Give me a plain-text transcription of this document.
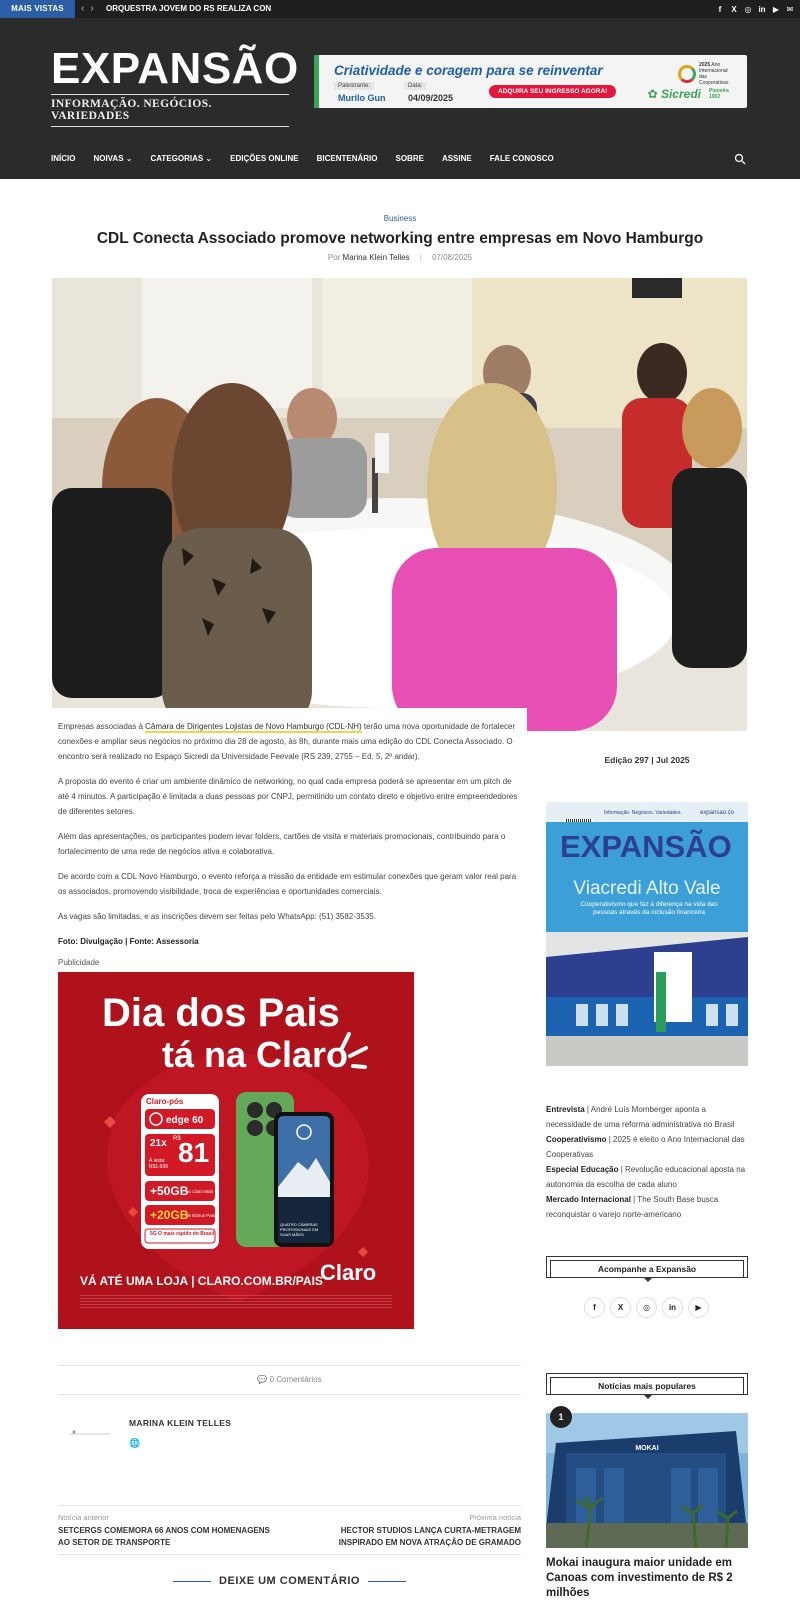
MAIS VISTAS	‹ ›	ORQUESTRA JOVEM DO RS REALIZA CON	f	X ◎ in ▶ ✉
EXPANSÃO
INFORMAÇÃO. NEGÓCIOS. VARIEDADES
Criatividade e coragem para se reinventar
Palestrante:
Murilo Gun
Data:
04/09/2025
ADQUIRA SEU INGRESSO AGORA!
2025 Ano Internacional das Cooperativas
✿ Sicredi Pioneira 1902
INÍCIO NOIVAS ⌄ CATEGORIAS ⌄ EDIÇÕES ONLINE BICENTENÁRIO SOBRE ASSINE FALE CONOSCO
Business
CDL Conecta Associado promove networking entre empresas em Novo Hamburgo
Por Marina Klein Telles | 07/08/2025

Empresas associadas à Câmara de Dirigentes Lojistas de Novo Hamburgo (CDL-NH) terão uma nova oportunidade de fortalecer conexões e ampliar seus negócios no próximo dia 28 de agosto, às 8h, durante mais uma edição do CDL Conecta Associado. O encontro será realizado no Espaço Sicredi da Universidade Feevale (RS 239, 2755 – Ed. 5, 2º andar).

A proposta do evento é criar um ambiente dinâmico de networking, no qual cada empresa poderá se apresentar em um pitch de até 4 minutos. A participação é limitada a duas pessoas por CNPJ, permitindo um contato direto e objetivo entre empreendedores de diferentes setores.

Além das apresentações, os participantes podem levar folders, cartões de visita e materiais promocionais, contribuindo para o fortalecimento de uma rede de negócios ativa e colaborativa.

De acordo com a CDL Novo Hamburgo, o evento reforça a missão da entidade em estimular conexões que geram valor real para os associados, promovendo visibilidade, troca de experiências e oportunidades comerciais.

As vagas são limitadas, e as inscrições devem ser feitas pelo WhatsApp: (51) 3582-3535.

Foto: Divulgação | Fonte: Assessoria

Publicidade
Dia dos Pais
tá na Claro
Claro-pós
edge 60
21x R$
81
À vista: R$1.699
+50GB
no Claro Mob
+20GB
de Bônus Pais
5G O mais rápido do Brasil
QUATRO CÂMERAS PROFISSIONAIS EM SUAS MÃOS
VÁ ATÉ UMA LOJA | CLARO.COM.BR/PAIS
Claro
💬 0 Comentários
MARINA KLEIN TELLES
🌐
Notícia anterior
SETCERGS COMEMORA 66 ANOS COM HOMENAGENS AO SETOR DE TRANSPORTE
Próxima notícia
HECTOR STUDIOS LANÇA CURTA-METRAGEM INSPIRADO EM NOVA ATRAÇÃO DE GRAMADO
DEIXE UM COMENTÁRIO
Edição 297 | Jul 2025
Informação. Negócios. Variedades.	expansao.co
EXPANSÃO
Viacredi Alto Vale
Cooperativismo que faz a diferença na vida das pessoas através da inclusão financeira
Entrevista | André Luís Momberger aponta a necessidade de uma reforma administrativa no Brasil
Cooperativismo | 2025 é eleito o Ano Internacional das Cooperativas
Especial Educação | Revolução educacional aposta na autonomia da escolha de cada aluno
Mercado Internacional | The South Base busca reconquistar o varejo norte-americano
Acompanhe a Expansão
f	X	◎	in	▶
Notícias mais populares
MOKAI
1
Mokai inaugura maior unidade em Canoas com investimento de R$ 2 milhões
